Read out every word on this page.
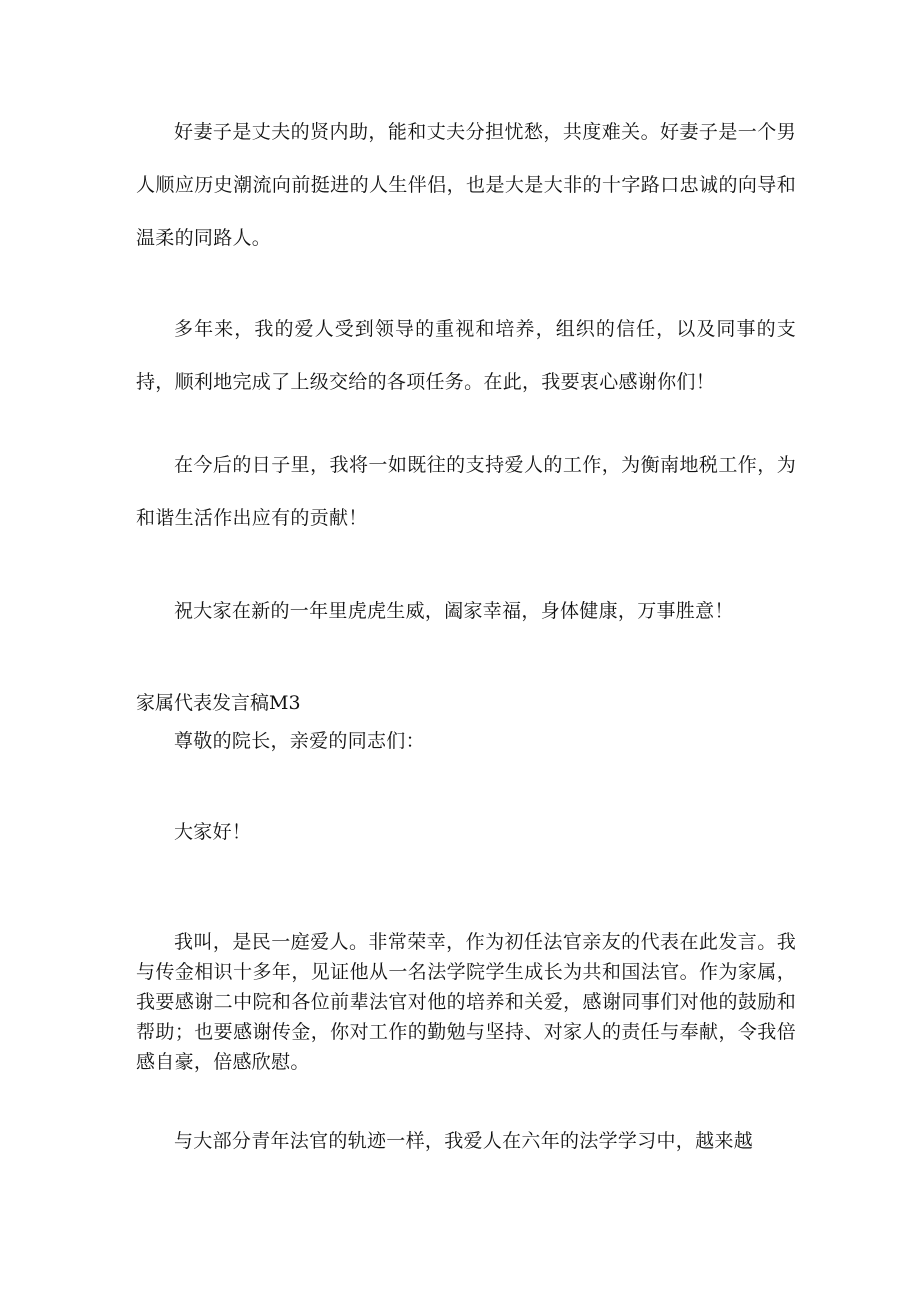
好妻子是丈夫的贤内助，能和丈夫分担忧愁，共度难关。好妻子是一个男人顺应历史潮流向前挺进的人生伴侣，也是大是大非的十字路口忠诚的向导和温柔的同路人。

多年来，我的爱人受到领导的重视和培养，组织的信任，以及同事的支持，顺利地完成了上级交给的各项任务。在此，我要衷心感谢你们！

在今后的日子里，我将一如既往的支持爱人的工作，为衡南地税工作，为和谐生活作出应有的贡献！

祝大家在新的一年里虎虎生威，阖家幸福，身体健康，万事胜意！

家属代表发言稿M3

尊敬的院长，亲爱的同志们：

大家好！

我叫，是民一庭爱人。非常荣幸，作为初任法官亲友的代表在此发言。我与传金相识十多年，见证他从一名法学院学生成长为共和国法官。作为家属，我要感谢二中院和各位前辈法官对他的培养和关爱，感谢同事们对他的鼓励和帮助；也要感谢传金，你对工作的勤勉与坚持、对家人的责任与奉献，令我倍感自豪，倍感欣慰。

与大部分青年法官的轨迹一样，我爱人在六年的法学学习中，越来越
